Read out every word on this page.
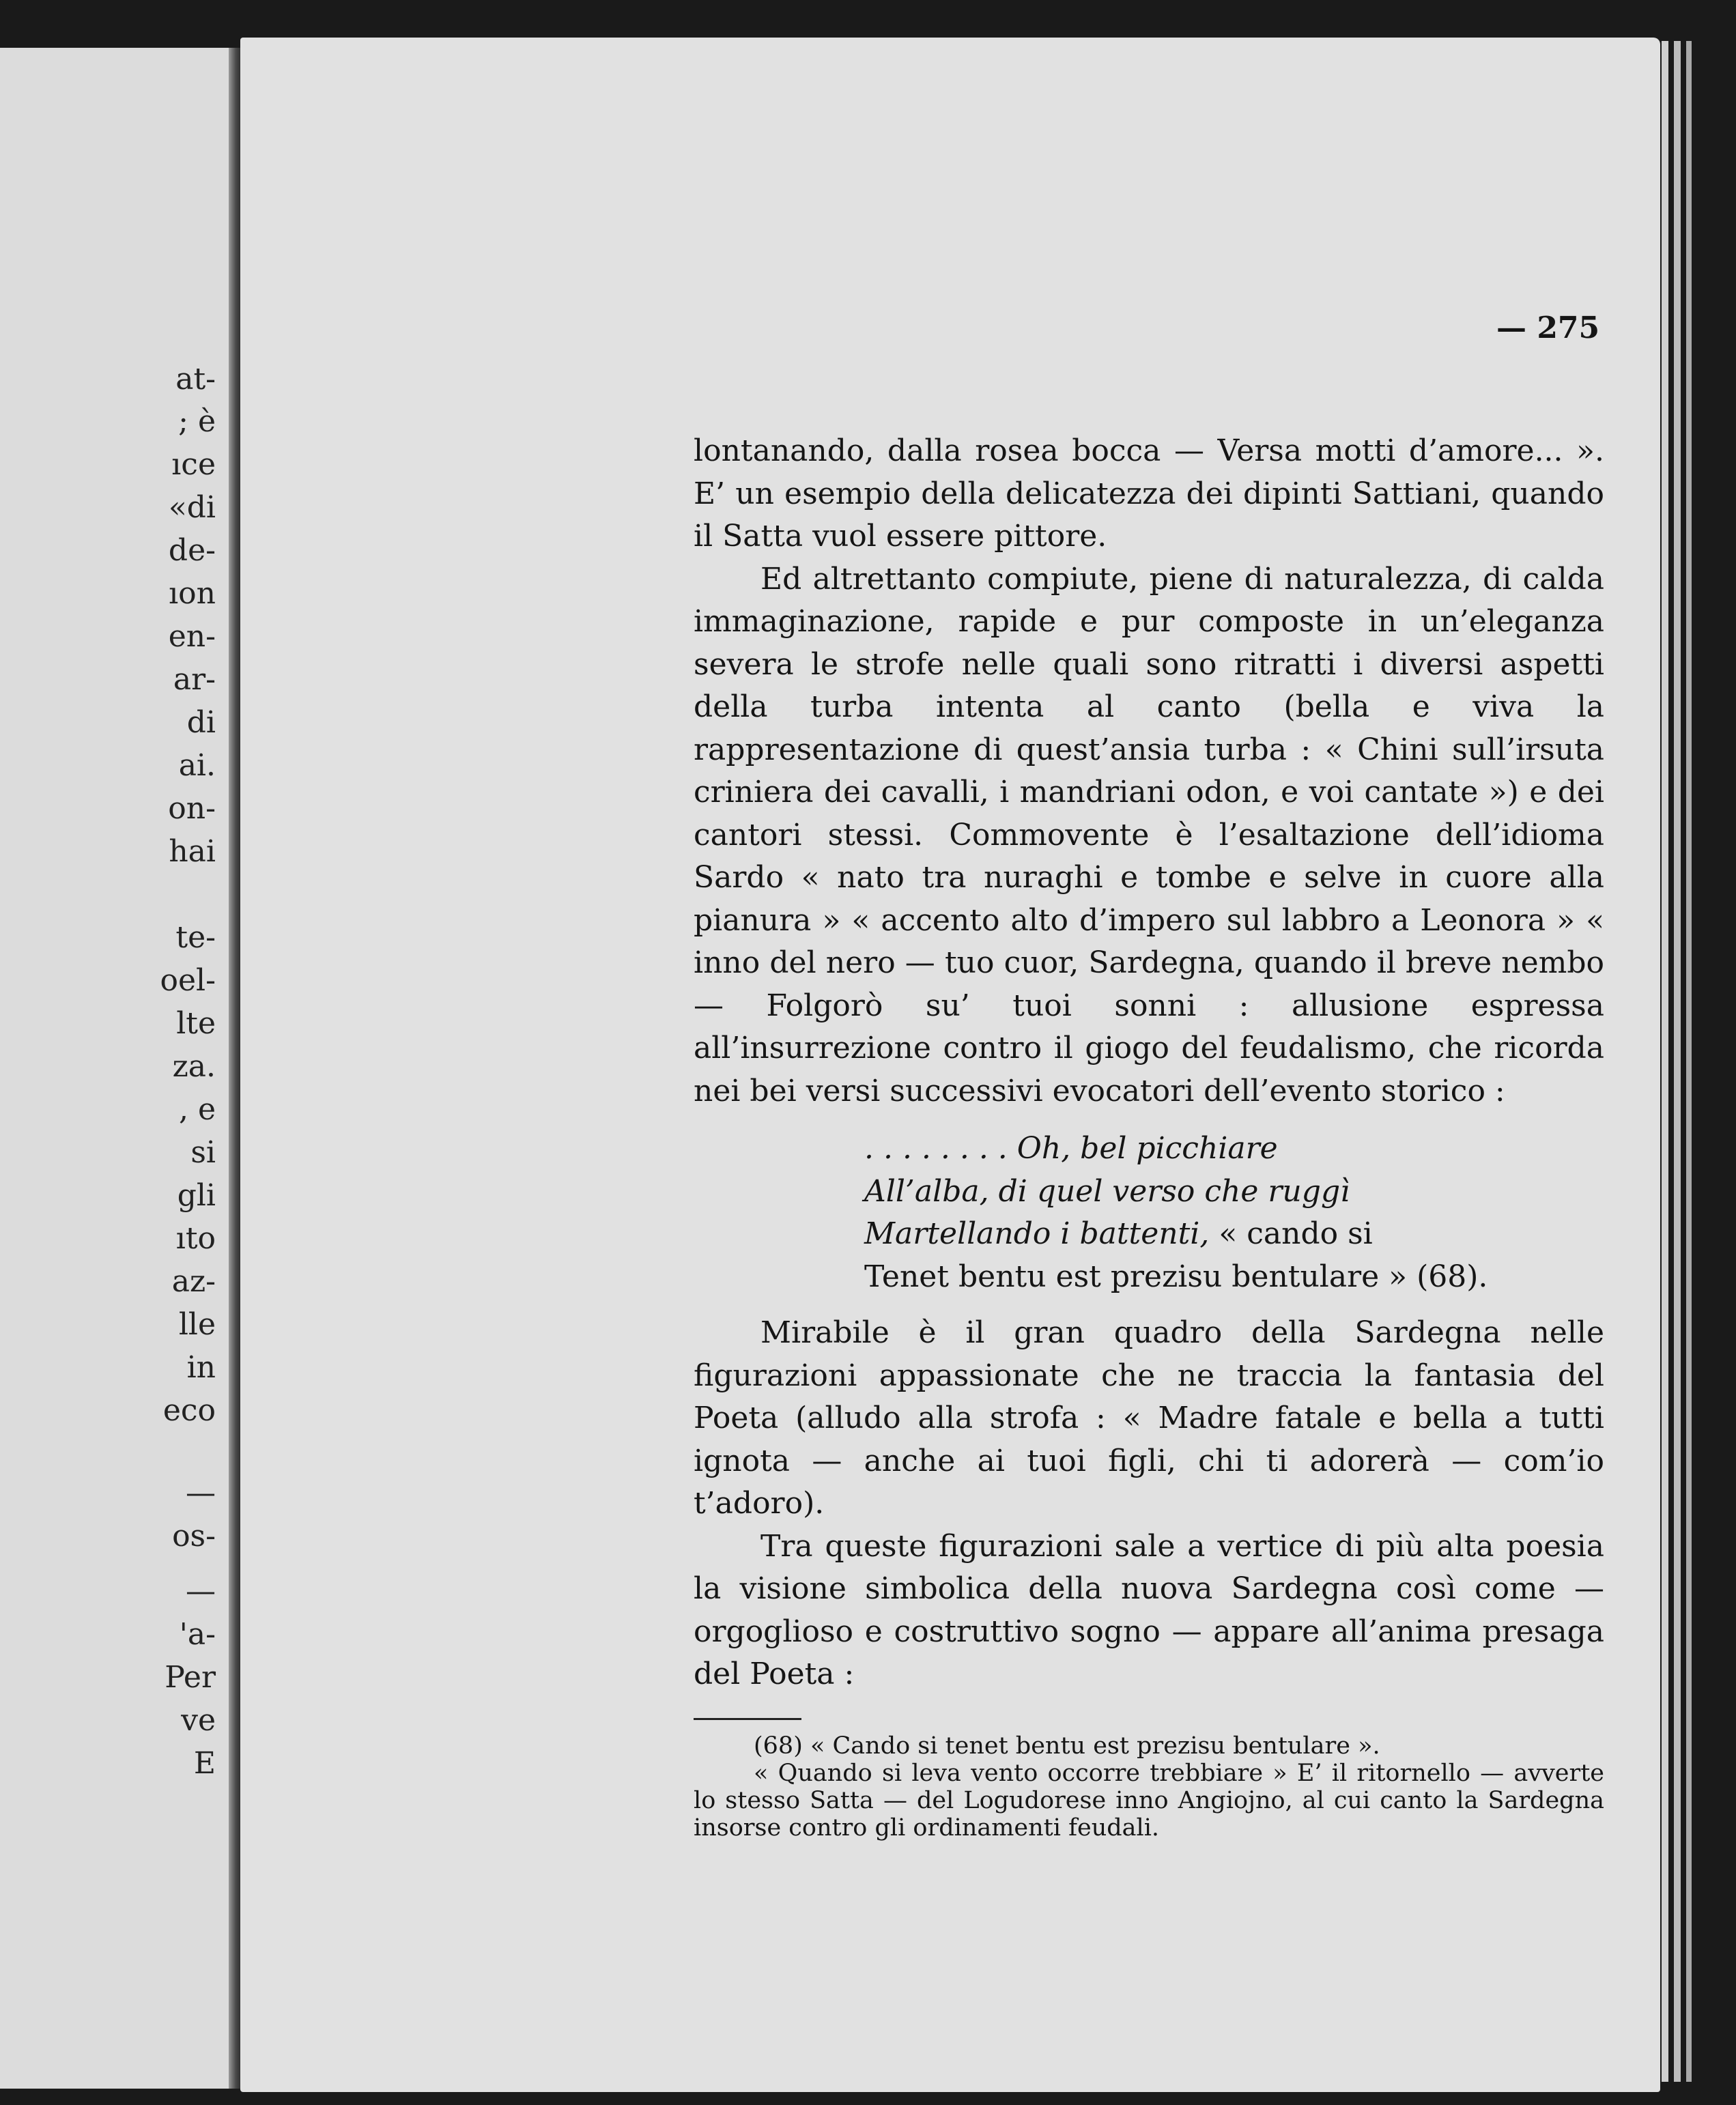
at-
; è
ıce
«di
de-
ıon
en-
ar-
di
ai.
on-
hai
te-
oel-
lte
za.
, e
si
gli
ıto
az-
lle
in
eco
—
os-
—
'a-
Per
ve
E
— 275

lontanando, dalla rosea bocca — Versa motti d’amore... ». E’ un esempio della delicatezza dei dipinti Sattiani, quando il Satta vuol essere pittore.

Ed altrettanto compiute, piene di naturalezza, di calda immaginazione, rapide e pur composte in un’eleganza severa le strofe nelle quali sono ritratti i diversi aspetti della turba intenta al canto (bella e viva la rappresentazione di quest’ansia turba : « Chini sull’irsuta criniera dei cavalli, i mandriani odon, e voi cantate ») e dei cantori stessi. Commovente è l’esaltazione dell’idioma Sardo « nato tra nuraghi e tombe e selve in cuore alla pianura » « accento alto d’impero sul labbro a Leonora » « inno del nero — tuo cuor, Sardegna, quando il breve nembo — Folgorò su’ tuoi sonni : allusione espressa all’insurrezione contro il giogo del feudalismo, che ricorda nei bei versi successivi evocatori dell’evento storico :

. . . . . . . . Oh, bel picchiare
All’alba, di quel verso che ruggì
Martellando i battenti, « cando si
Tenet bentu est prezisu bentulare » (68).

Mirabile è il gran quadro della Sardegna nelle figurazioni appassionate che ne traccia la fantasia del Poeta (alludo alla strofa : « Madre fatale e bella a tutti ignota — anche ai tuoi figli, chi ti adorerà — com’io t’adoro).

Tra queste figurazioni sale a vertice di più alta poesia la visione simbolica della nuova Sardegna così come — orgoglioso e costruttivo sogno — appare all’anima presaga del Poeta :

(68) « Cando si tenet bentu est prezisu bentulare ».

« Quando si leva vento occorre trebbiare » E’ il ritornello — avverte lo stesso Satta — del Logudorese inno Angiojno, al cui canto la Sardegna insorse contro gli ordinamenti feudali.
